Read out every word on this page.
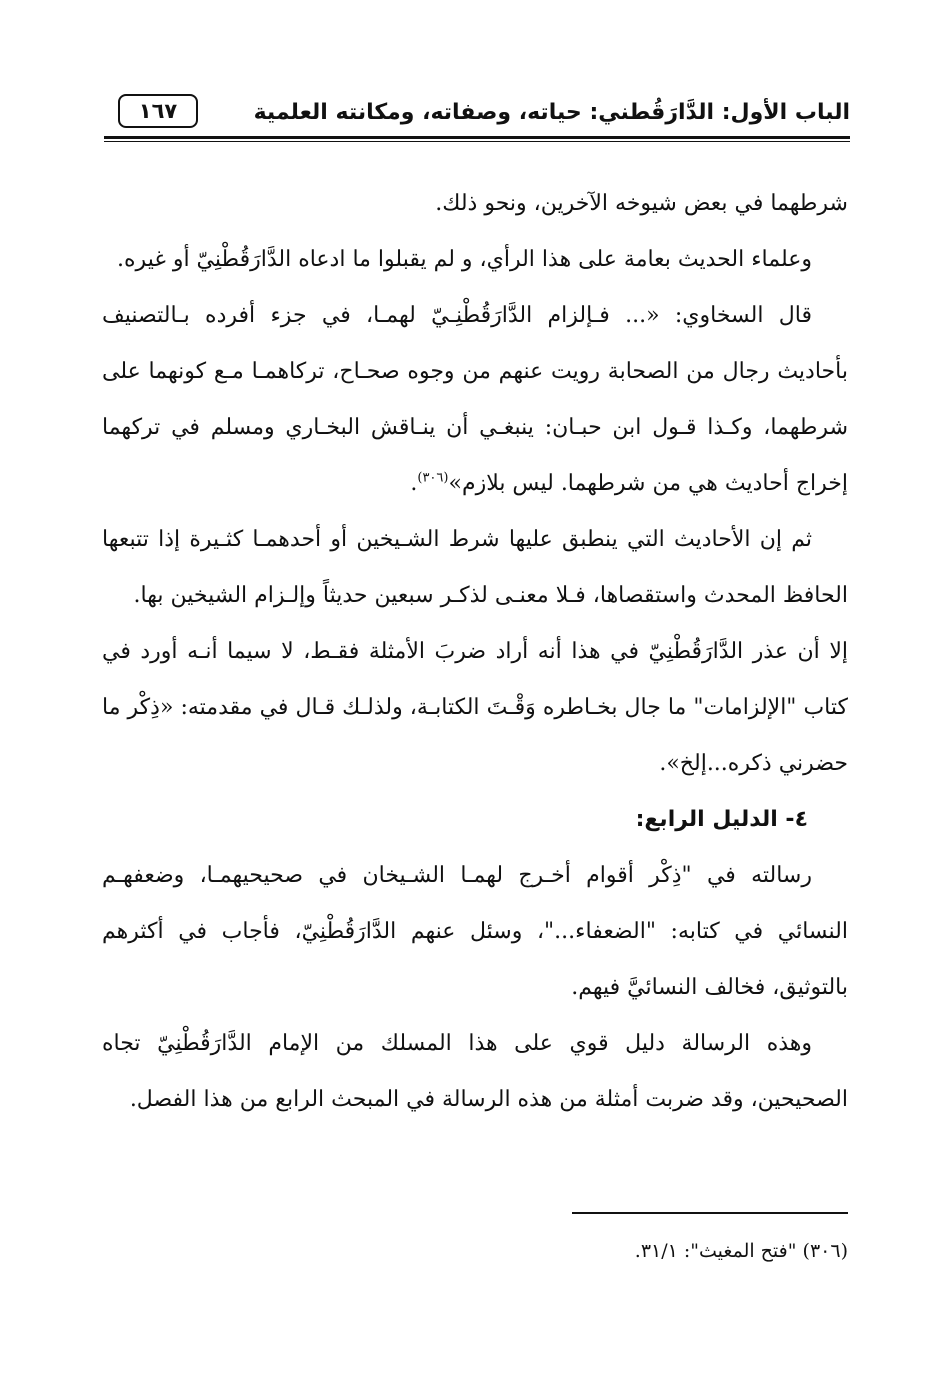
الباب الأول: الدَّارَقُطني: حياته، وصفاته، ومكانته العلمية
١٦٧

شرطهما في بعض شيوخه الآخرين، ونحو ذلك.

وعلماء الحديث بعامة على هذا الرأي، و لم يقبلوا ما ادعاه الدَّارَقُطْنِيّ أو غيره.

قال السخاوي: «... فـإلزام الدَّارَقُطْنِـيّ لهمـا، في جزء أفرده بـالتصنيف بأحاديث رجال من الصحابة رويت عنهم من وجوه صحـاح، تركاهمـا مـع كونهما على شرطهما، وكـذا قـول ابن حبـان: ينبغـي أن ينـاقش البخـاري ومسلم في تركهما إخراج أحاديث هي من شرطهما. ليس بلازم»$^{(٣٠٦)}$.

ثم إن الأحاديث التي ينطبق عليها شرط الشـيخين أو أحدهمـا كثـيرة إذا تتبعها الحافظ المحدث واستقصاها، فـلا معنـى لذكـر سبعين حديثاً وإلـزام الشيخين بها.

إلا أن عذر الدَّارَقُطْنِيّ في هذا أنه أراد ضربَ الأمثلة فقـط، لا سيما أنـه أورد في كتاب "الإلزامات" ما جال بخـاطره وَقْـتَ الكتابـة، ولذلـك قـال في مقدمته: «ذِكْر ما حضرني ذكره...إلخ».

٤- الدليل الرابع:

رسالته في "ذِكْر أقوام أخـرج لهمـا الشـيخان في صحيحيهمـا، وضعفهـم النسائي في كتابه: "الضعفاء..."، وسئل عنهم الدَّارَقُطْنِيّ، فأجاب في أكثرهم بالتوثيق، فخالف النسائيَّ فيهم.

وهذه الرسالة دليل قوي على هذا المسلك من الإمام الدَّارَقُطْنِيّ تجاه الصحيحين، وقد ضربت أمثلة من هذه الرسالة في المبحث الرابع من هذا الفصل.

(٣٠٦) "فتح المغيث": ٣١/١.
